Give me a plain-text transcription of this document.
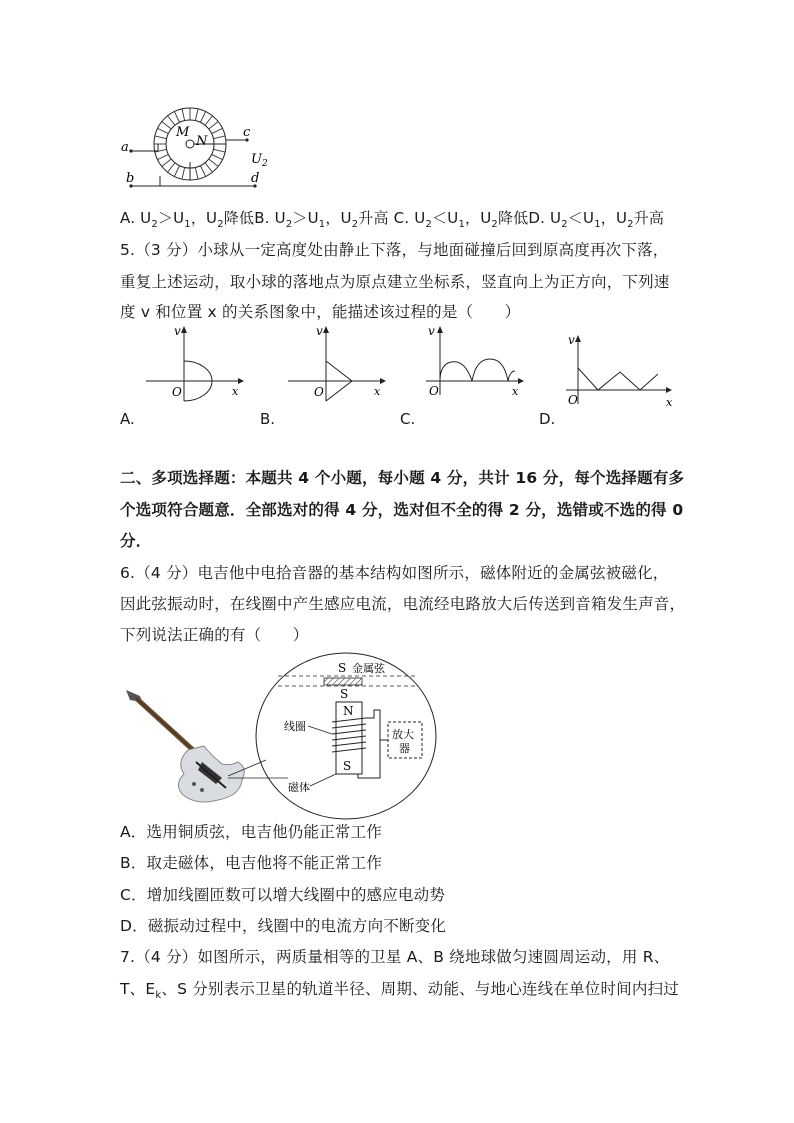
a
b
c
d
M
N
$U_2$
A. $U_2>U_1$，$U_2$降低B. $U_2>U_1$，$U_2$升高 C. $U_2<U_1$，$U_2$降低D. $U_2<U_1$，$U_2$升高
5.（3 分）小球从一定高度处由静止下落，与地面碰撞后回到原高度再次下落，
重复上述运动，取小球的落地点为原点建立坐标系，竖直向上为正方向，下列速
度 v 和位置 x 的关系图象中，能描述该过程的是（　　）
v
x
O
v
x
O
v
x
O
v
x
O
A.	B.	C.	D.
二、多项选择题：本题共 4 个小题，每小题 4 分，共计 16 分，每个选择题有多
个选项符合题意．全部选对的得 4 分，选对但不全的得 2 分，选错或不选的得 0
分．
6.（4 分）电吉他中电拾音器的基本结构如图所示，磁体附近的金属弦被磁化，
因此弦振动时，在线圈中产生感应电流，电流经电路放大后传送到音箱发生声音，
下列说法正确的有（　　）
S 金属弦
S
N
S
放大
器
线圈
磁体
A．选用铜质弦，电吉他仍能正常工作
B．取走磁体，电吉他将不能正常工作
C．增加线圈匝数可以增大线圈中的感应电动势
D．磁振动过程中，线圈中的电流方向不断变化
7.（4 分）如图所示，两质量相等的卫星 A、B 绕地球做匀速圆周运动，用 R、
T、$E_k$、S 分别表示卫星的轨道半径、周期、动能、与地心连线在单位时间内扫过
